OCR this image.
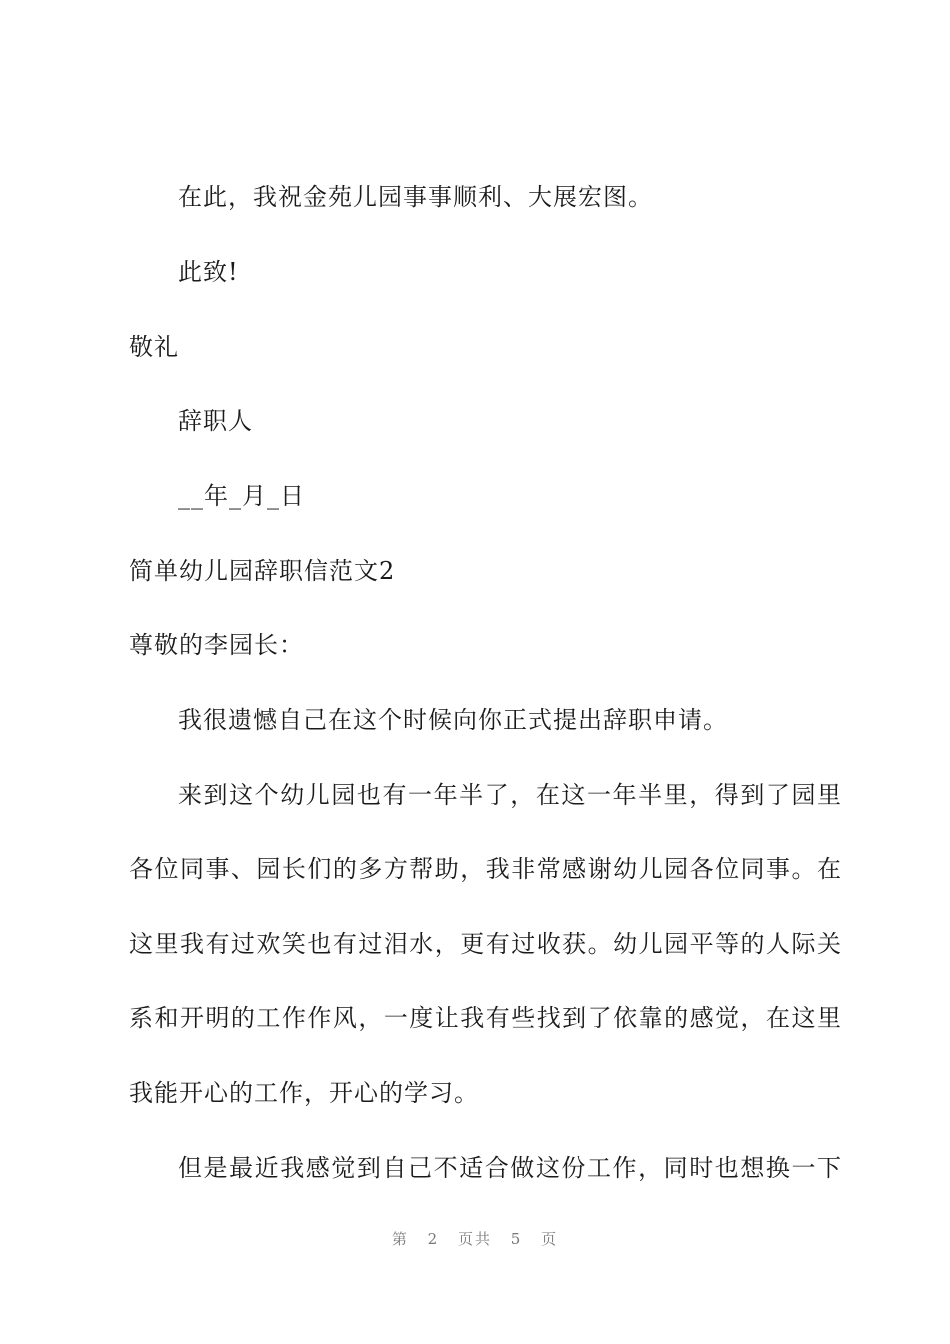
在此，我祝金苑儿园事事顺利、大展宏图。
此致!
敬礼
辞职人
__年_月_日
简单幼儿园辞职信范文2
尊敬的李园长：
我很遗憾自己在这个时候向你正式提出辞职申请。
来到这个幼儿园也有一年半了，在这一年半里，得到了园里
各位同事、园长们的多方帮助，我非常感谢幼儿园各位同事。在
这里我有过欢笑也有过泪水，更有过收获。幼儿园平等的人际关
系和开明的工作作风，一度让我有些找到了依靠的感觉，在这里
我能开心的工作，开心的学习。
但是最近我感觉到自己不适合做这份工作，同时也想换一下
第 2 页共 5 页
